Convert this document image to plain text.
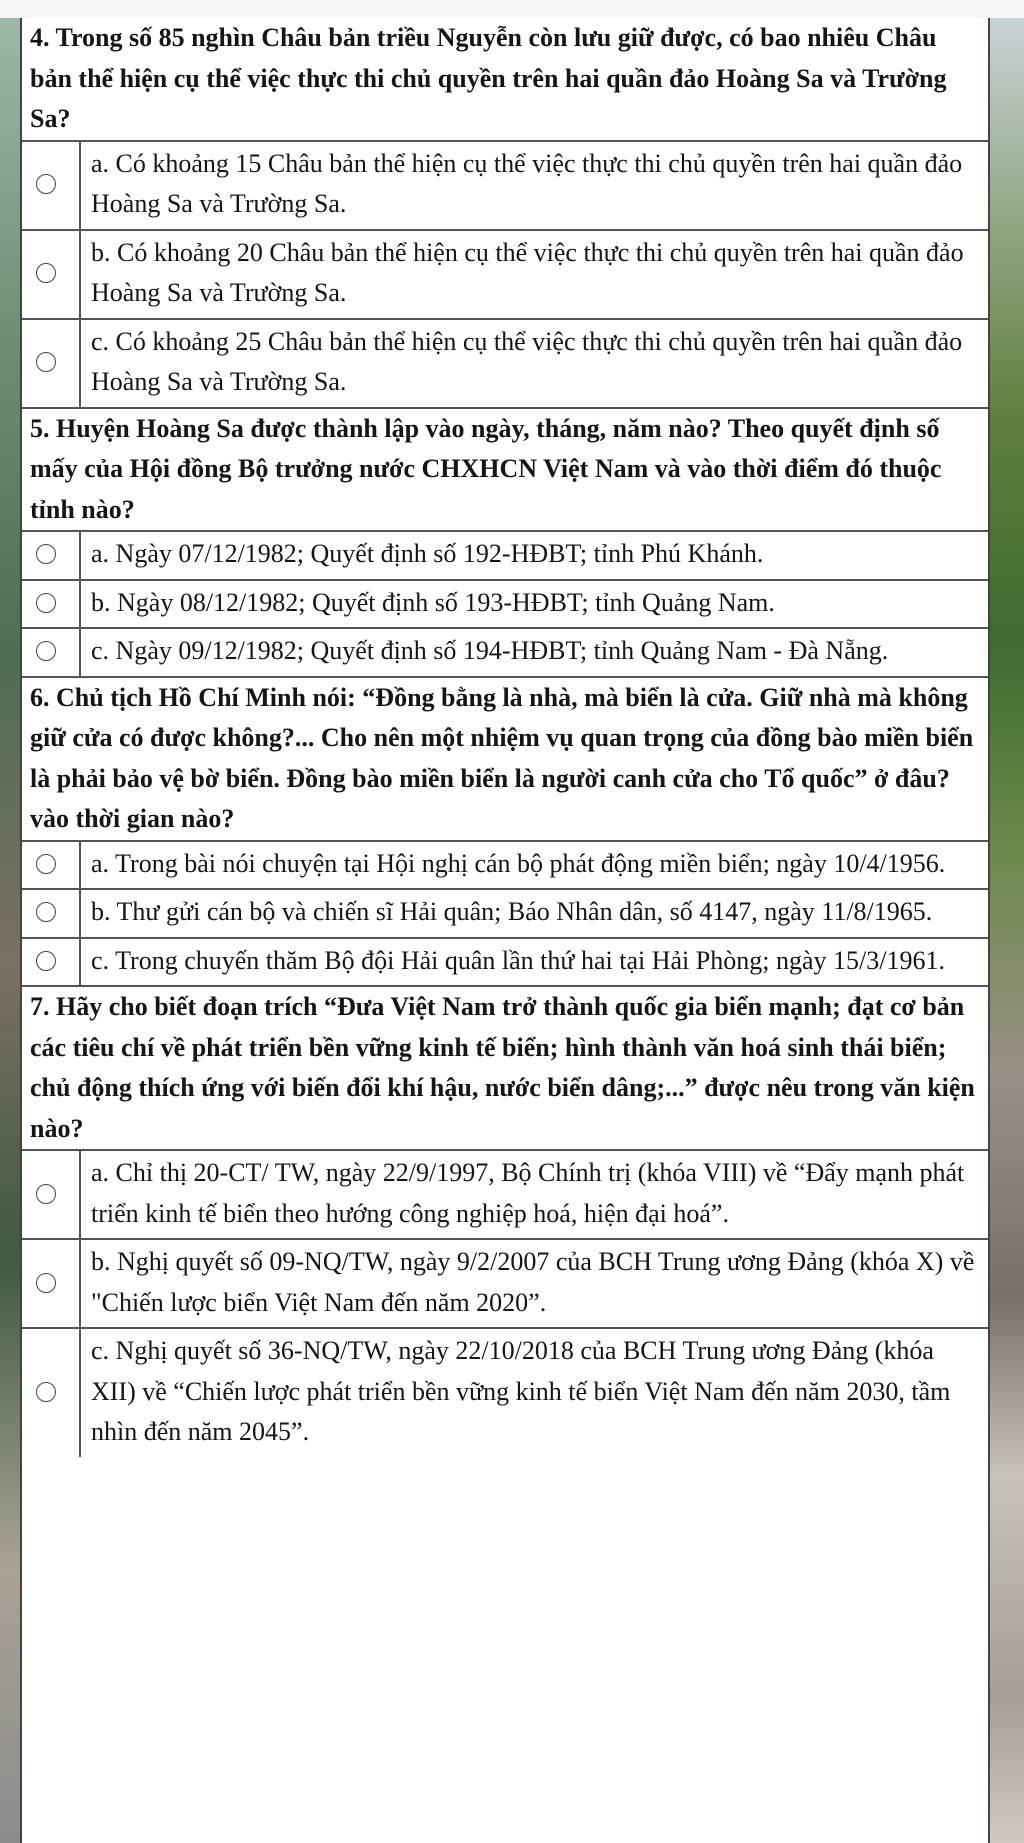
4. Trong số 85 nghìn Châu bản triều Nguyễn còn lưu giữ được, có bao nhiêu Châu bản thể hiện cụ thể việc thực thi chủ quyền trên hai quần đảo Hoàng Sa và Trường Sa?

a. Có khoảng 15 Châu bản thể hiện cụ thể việc thực thi chủ quyền trên hai quần đảo Hoàng Sa và Trường Sa.
b. Có khoảng 20 Châu bản thể hiện cụ thể việc thực thi chủ quyền trên hai quần đảo Hoàng Sa và Trường Sa.
c. Có khoảng 25 Châu bản thể hiện cụ thể việc thực thi chủ quyền trên hai quần đảo Hoàng Sa và Trường Sa.

5. Huyện Hoàng Sa được thành lập vào ngày, tháng, năm nào? Theo quyết định số mấy của Hội đồng Bộ trưởng nước CHXHCN Việt Nam và vào thời điểm đó thuộc tỉnh nào?

a. Ngày 07/12/1982; Quyết định số 192-HĐBT; tỉnh Phú Khánh.
b. Ngày 08/12/1982; Quyết định số 193-HĐBT; tỉnh Quảng Nam.
c. Ngày 09/12/1982; Quyết định số 194-HĐBT; tỉnh Quảng Nam - Đà Nẵng.

6. Chủ tịch Hồ Chí Minh nói: “Đồng bằng là nhà, mà biển là cửa. Giữ nhà mà không giữ cửa có được không?... Cho nên một nhiệm vụ quan trọng của đồng bào miền biển là phải bảo vệ bờ biển. Đồng bào miền biển là người canh cửa cho Tổ quốc” ở đâu? vào thời gian nào?

a. Trong bài nói chuyện tại Hội nghị cán bộ phát động miền biển; ngày 10/4/1956.
b. Thư gửi cán bộ và chiến sĩ Hải quân; Báo Nhân dân, số 4147, ngày 11/8/1965.
c. Trong chuyến thăm Bộ đội Hải quân lần thứ hai tại Hải Phòng; ngày 15/3/1961.

7. Hãy cho biết đoạn trích “Đưa Việt Nam trở thành quốc gia biển mạnh; đạt cơ bản các tiêu chí về phát triển bền vững kinh tế biển; hình thành văn hoá sinh thái biển; chủ động thích ứng với biến đổi khí hậu, nước biển dâng;...” được nêu trong văn kiện nào?

a. Chỉ thị 20-CT/ TW, ngày 22/9/1997, Bộ Chính trị (khóa VIII) về “Đẩy mạnh phát triển kinh tế biển theo hướng công nghiệp hoá, hiện đại hoá”.
b. Nghị quyết số 09-NQ/TW, ngày 9/2/2007 của BCH Trung ương Đảng (khóa X) về "Chiến lược biển Việt Nam đến năm 2020”.
c. Nghị quyết số 36-NQ/TW, ngày 22/10/2018 của BCH Trung ương Đảng (khóa XII) về “Chiến lược phát triển bền vững kinh tế biển Việt Nam đến năm 2030, tầm nhìn đến năm 2045”.
